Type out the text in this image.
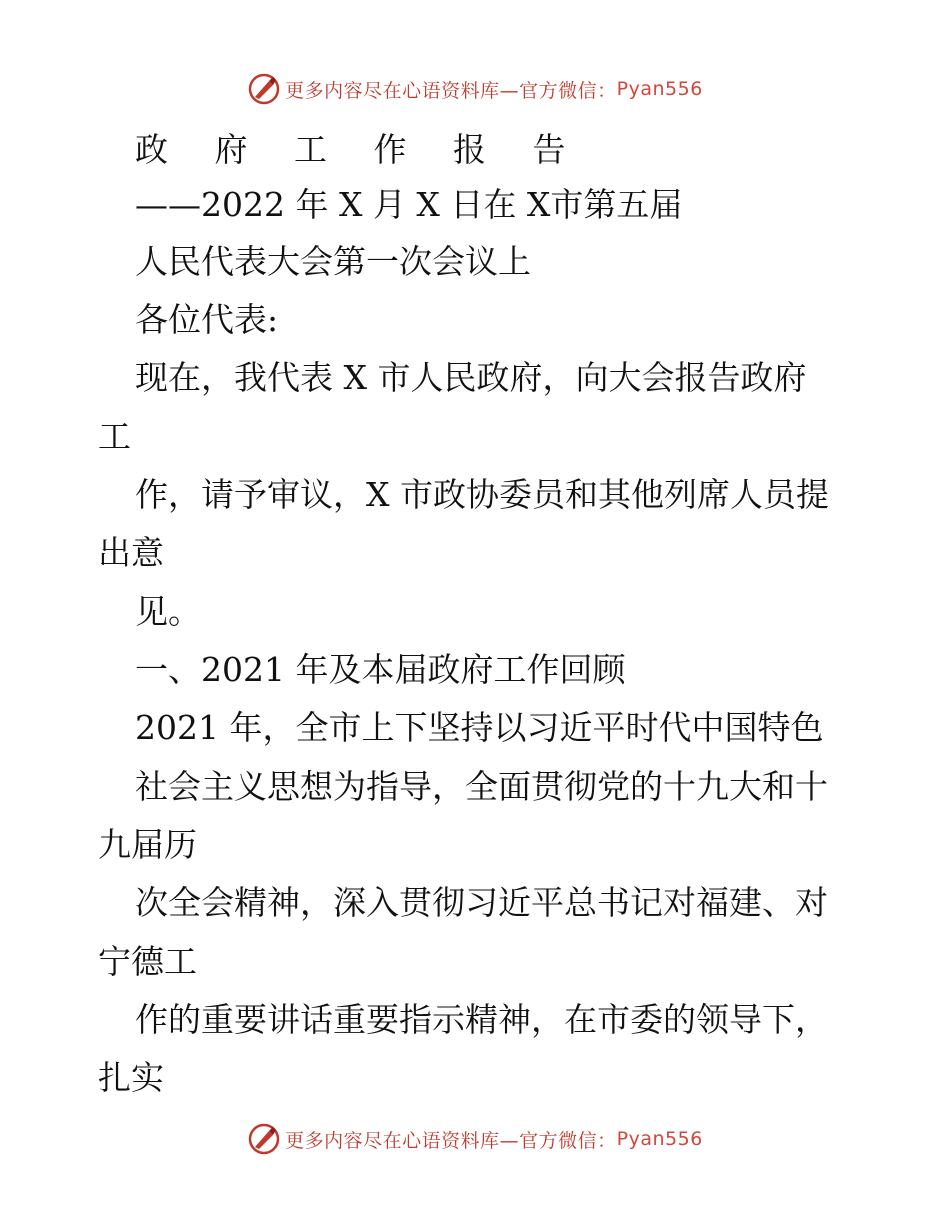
更多内容尽在心语资料库—官方微信： Pyan556
政 府 工 作 报 告
——2022 年 X 月 X 日在 X市第五届
人民代表大会第一次会议上
各位代表:
现在，我代表 X 市人民政府，向大会报告政府
工
作，请予审议，X 市政协委员和其他列席人员提
出意
见。
一、2021 年及本届政府工作回顾
2021 年，全市上下坚持以习近平时代中国特色
社会主义思想为指导，全面贯彻党的十九大和十
九届历
次全会精神，深入贯彻习近平总书记对福建、对
宁德工
作的重要讲话重要指示精神，在市委的领导下，
扎实
更多内容尽在心语资料库—官方微信： Pyan556
